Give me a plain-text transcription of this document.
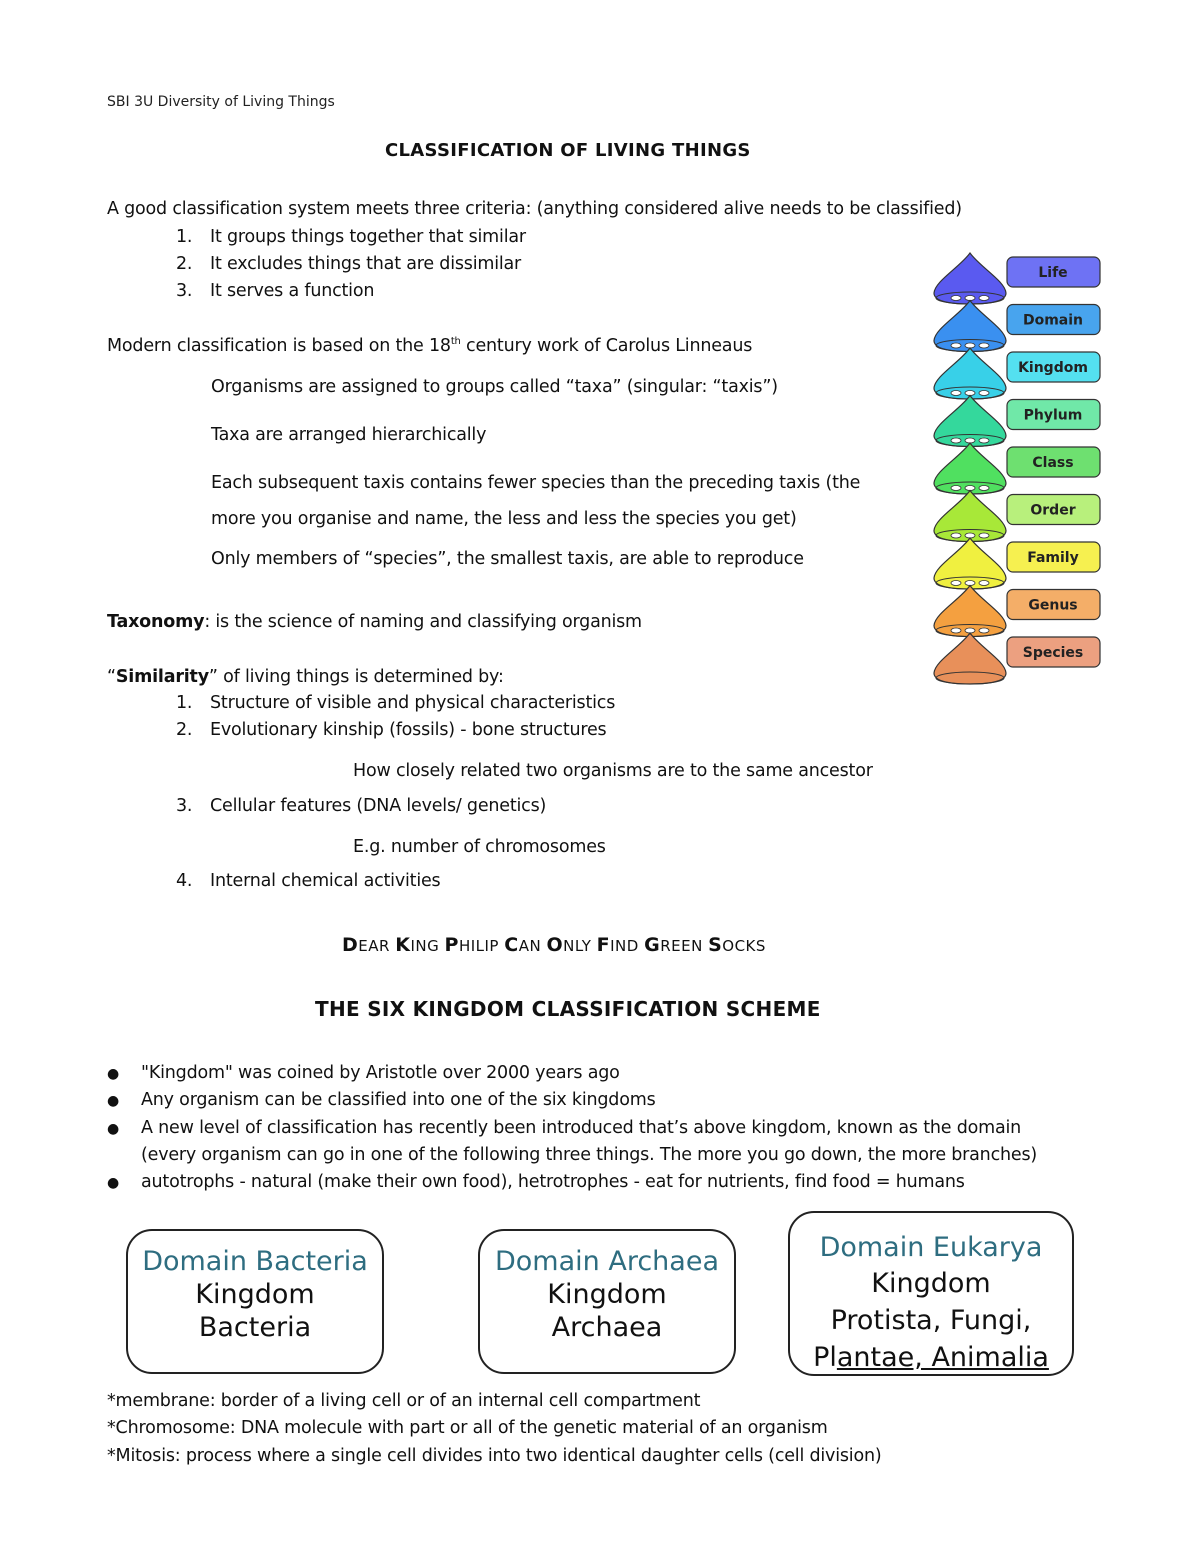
SBI 3U Diversity of Living Things
CLASSIFICATION OF LIVING THINGS
A good classification system meets three criteria: (anything considered alive needs to be classified)
1. It groups things together that similar
2. It excludes things that are dissimilar
3. It serves a function
Modern classification is based on the 18th century work of Carolus Linneaus
Organisms are assigned to groups called “taxa” (singular: “taxis”)
Taxa are arranged hierarchically
Each subsequent taxis contains fewer species than the preceding taxis (the
more you organise and name, the less and less the species you get)
Only members of “species”, the smallest taxis, are able to reproduce
Taxonomy: is the science of naming and classifying organism
“Similarity” of living things is determined by:
1. Structure of visible and physical characteristics
2. Evolutionary kinship (fossils) - bone structures
How closely related two organisms are to the same ancestor
3. Cellular features (DNA levels/ genetics)
E.g. number of chromosomes
4. Internal chemical activities
DEAR KING PHILIP CAN ONLY FIND GREEN SOCKS
THE SIX KINGDOM CLASSIFICATION SCHEME
● "Kingdom" was coined by Aristotle over 2000 years ago
● Any organism can be classified into one of the six kingdoms
● A new level of classification has recently been introduced that’s above kingdom, known as the domain
(every organism can go in one of the following three things. The more you go down, the more branches)
● autotrophs - natural (make their own food), hetrotrophes - eat for nutrients, find food = humans
Domain Bacteria
Kingdom
Bacteria
Domain Archaea
Kingdom
Archaea
Domain Eukarya
Kingdom
Protista, Fungi,
Plantae, Animalia
*membrane: border of a living cell or of an internal cell compartment
*Chromosome: DNA molecule with part or all of the genetic material of an organism
*Mitosis: process where a single cell divides into two identical daughter cells (cell division)
Life
Domain
Kingdom
Phylum
Class
Order
Family
Genus
Species
